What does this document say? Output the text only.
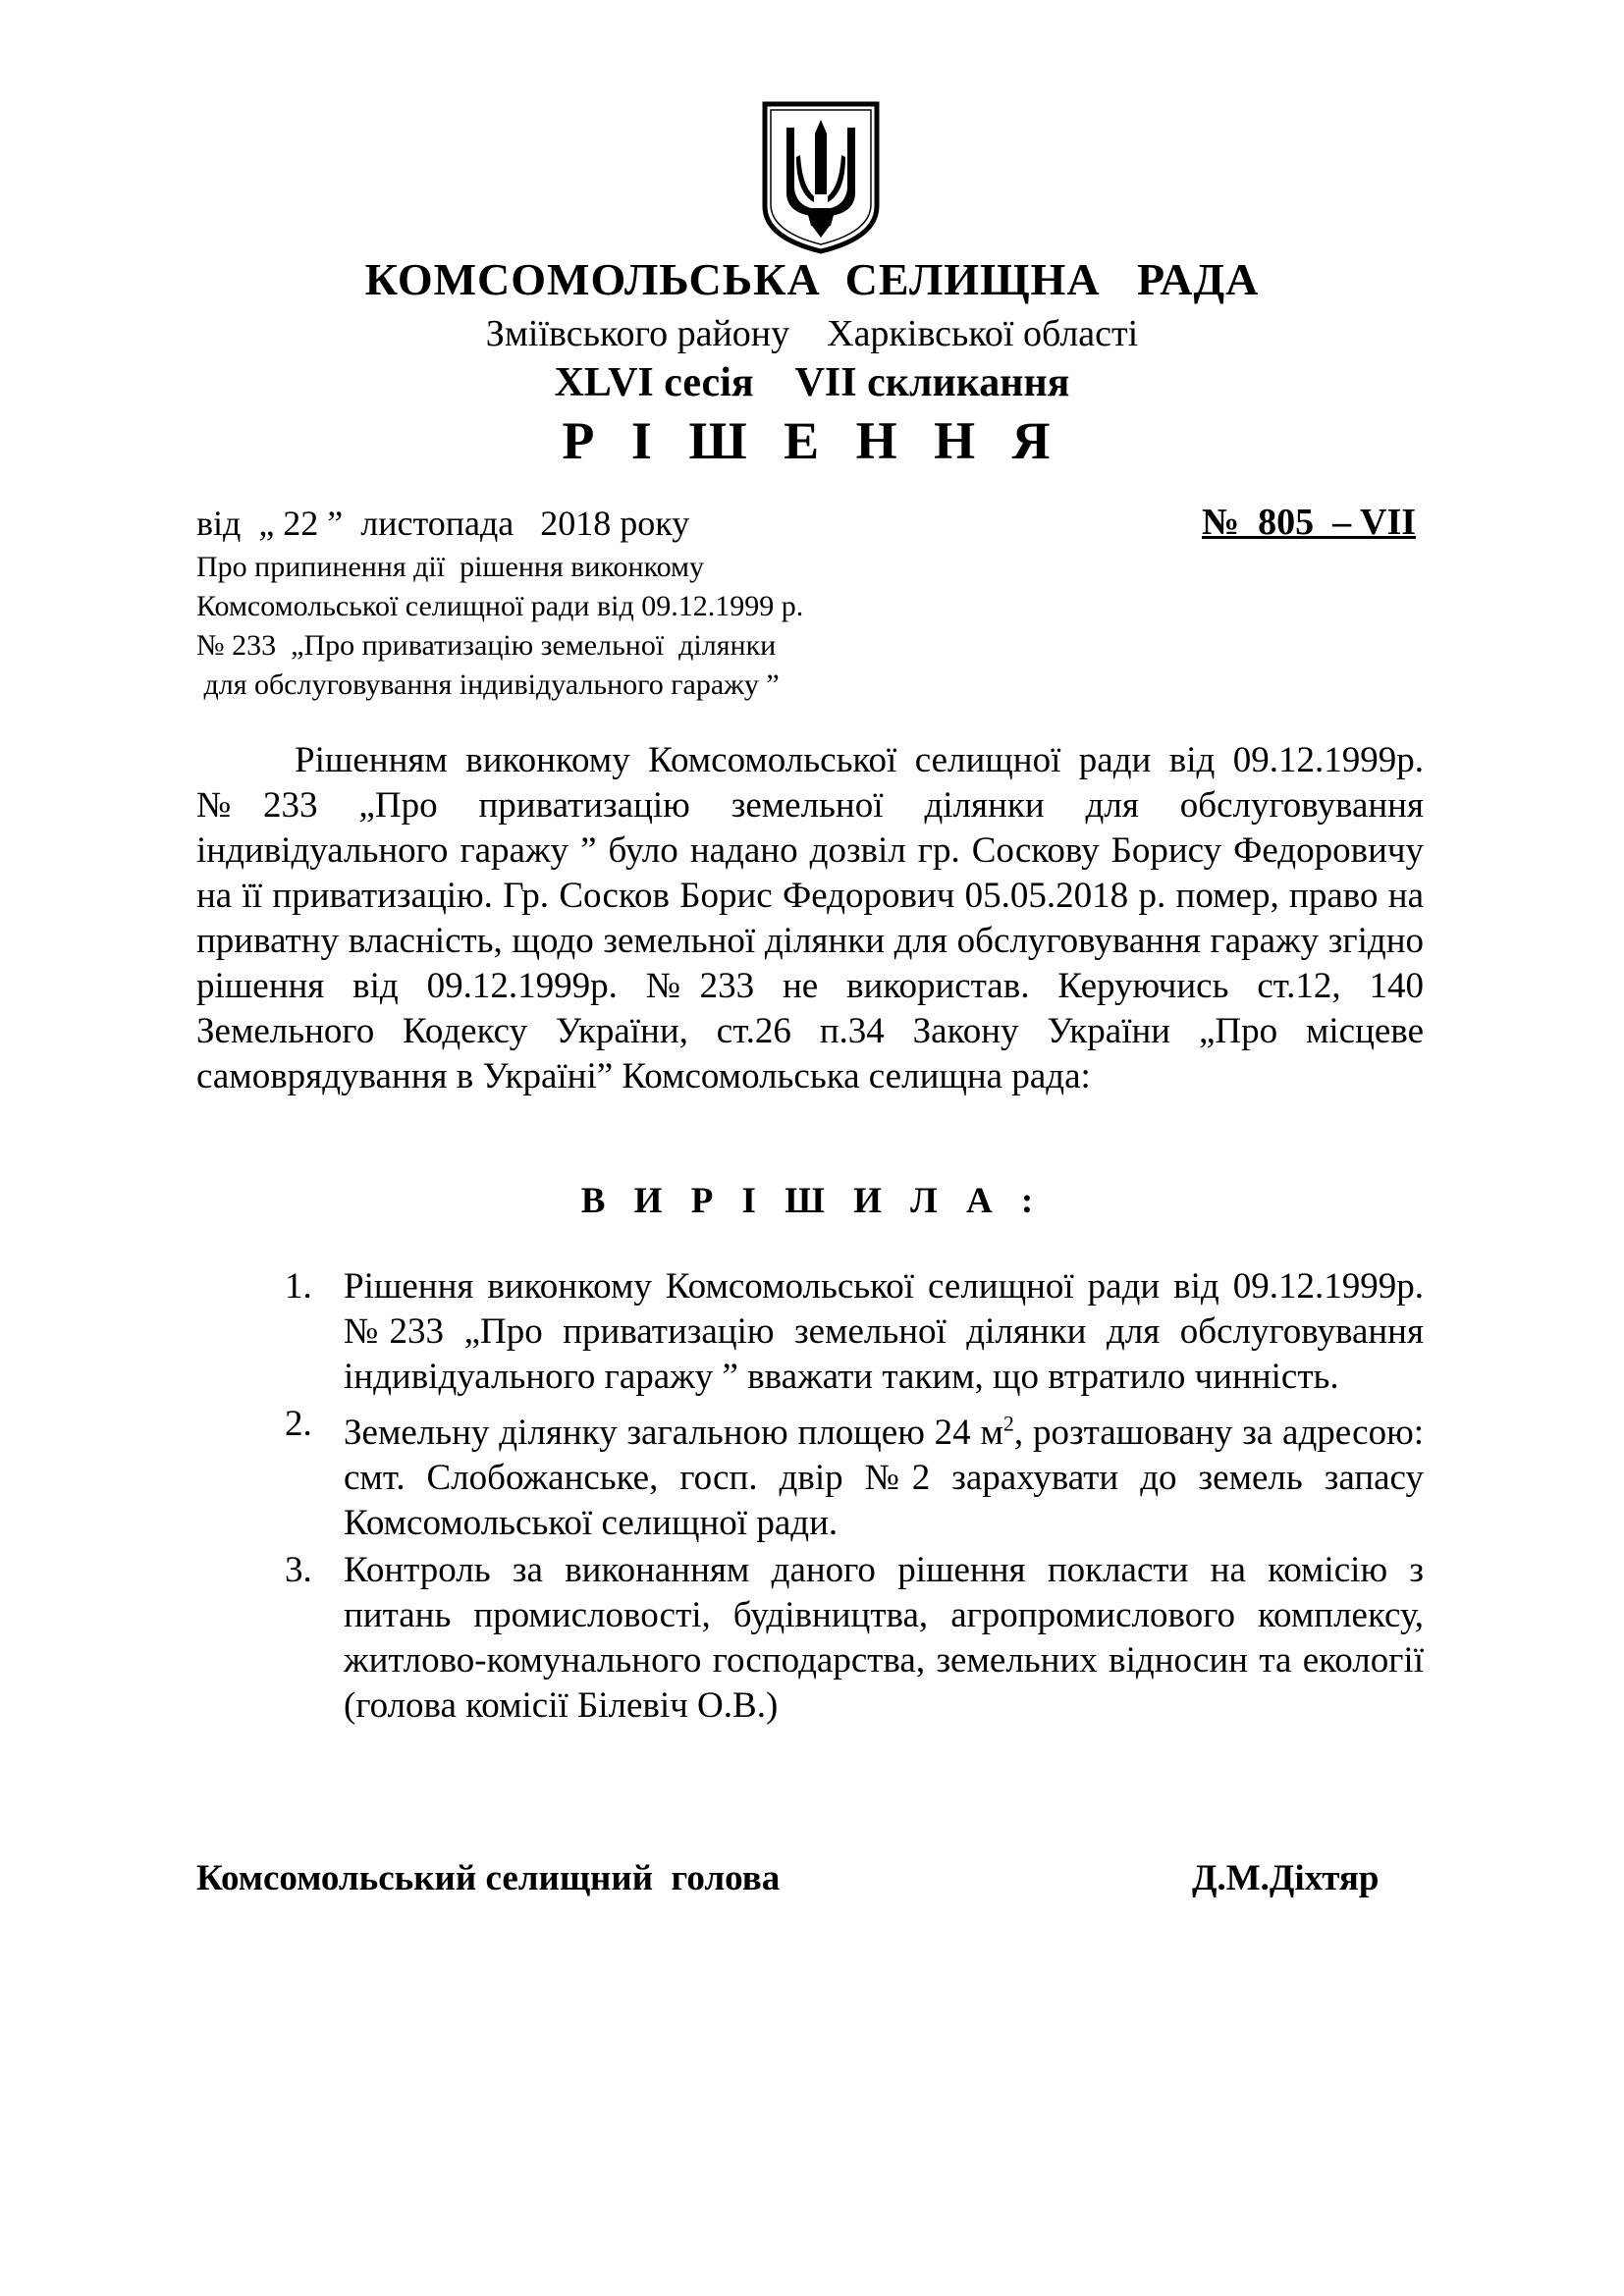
КОМСОМОЛЬСЬКА  СЕЛИЩНА   РАДА
Зміївського району    Харківської області
XLVI сесія    VII скликання
Р І Ш Е Н Н Я
від  „ 22 ”  листопада   2018 року	№  805  – VII
Про припинення дії  рішення виконкому
Комсомольської селищної ради від 09.12.1999 р.
№ 233  „Про приватизацію земельної  ділянки
для обслуговування індивідуального гаражу ”
Рішенням виконкому Комсомольської селищної ради від 09.12.1999р. №233 „Про приватизацію земельної ділянки для обслуговування індивідуального гаражу ” було надано дозвіл гр. Соскову Борису Федоровичу на її приватизацію. Гр. Сосков Борис Федорович 05.05.2018 р. помер, право на приватну власність, щодо земельної ділянки для обслуговування гаражу згідно рішення від 09.12.1999р. №233 не використав. Керуючись ст.12, 140 Земельного Кодексу України, ст.26 п.34 Закону України „Про місцеве самоврядування в Україні” Комсомольська селищна рада:
В И Р І Ш И Л А :
1. Рішення виконкому Комсомольської селищної ради від 09.12.1999р. №233 „Про приватизацію земельної ділянки для обслуговування індивідуального гаражу ” вважати таким, що втратило чинність.
2. Земельну ділянку загальною площею 24 $м^2$, розташовану за адресою: смт. Слобожанське, госп. двір №2 зарахувати до земель запасу Комсомольської селищної ради.
3. Контроль за виконанням даного рішення покласти на комісію з питань промисловості, будівництва, агропромислового комплексу, житлово-комунального господарства, земельних відносин та екології (голова комісії Білевіч О.В.)
Комсомольський селищний  голова	Д.М.Діхтяр
